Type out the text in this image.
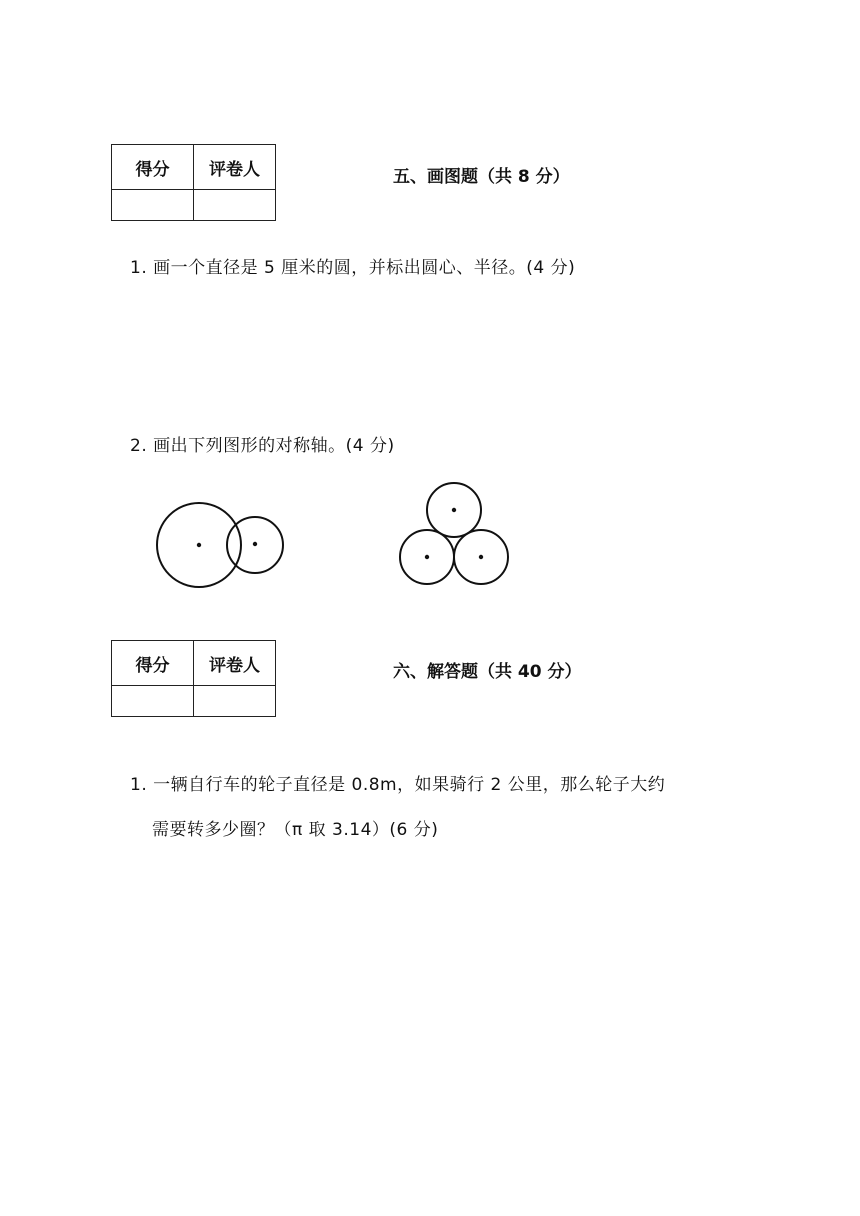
得分	评卷人
		五、画图题（共 8 分）
1. 画一个直径是 5 厘米的圆，并标出圆心、半径。(4 分)
2. 画出下列图形的对称轴。(4 分)
得分	评卷人
		六、解答题（共 40 分）
1. 一辆自行车的轮子直径是 0.8m，如果骑行 2 公里，那么轮子大约
需要转多少圈？（π 取 3.14）(6 分)
